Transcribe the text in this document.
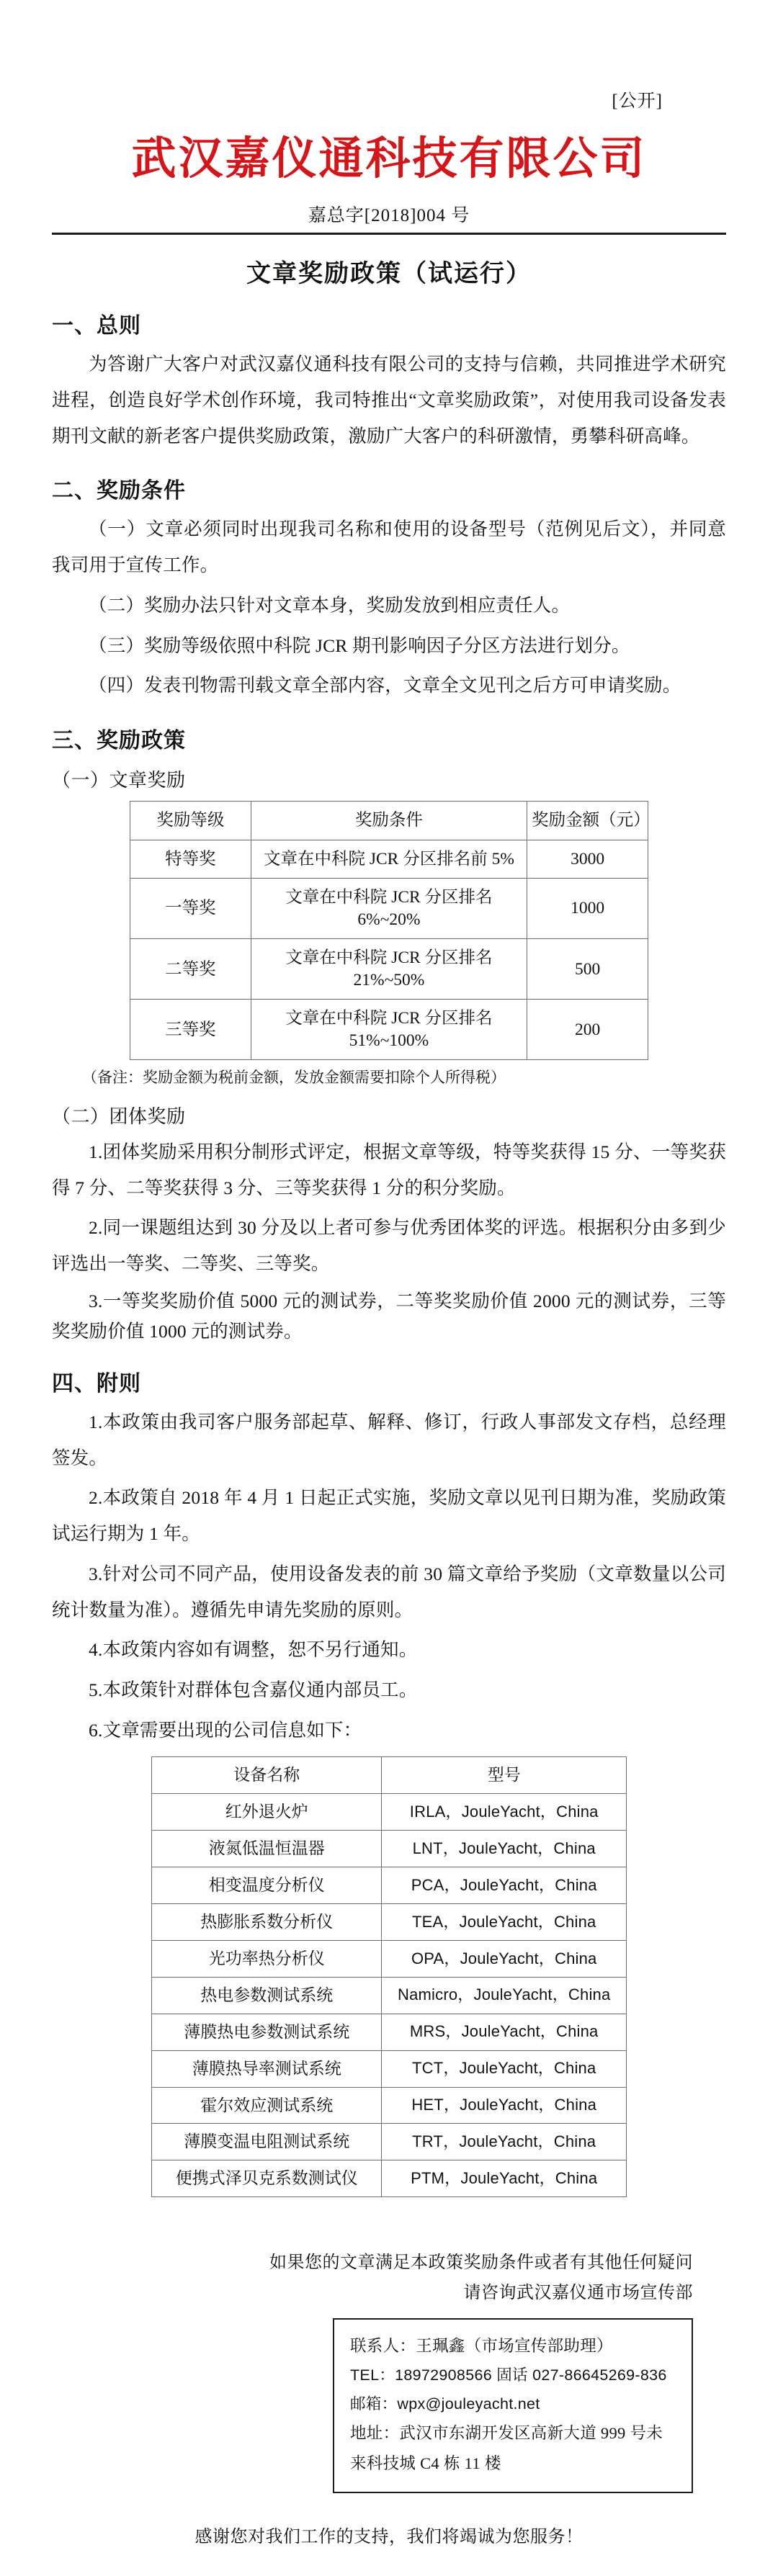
[公开]
武汉嘉仪通科技有限公司
嘉总字[2018]004 号
文章奖励政策（试运行）
一、总则

为答谢广大客户对武汉嘉仪通科技有限公司的支持与信赖，共同推进学术研究进程，创造良好学术创作环境，我司特推出“文章奖励政策”，对使用我司设备发表期刊文献的新老客户提供奖励政策，激励广大客户的科研激情，勇攀科研高峰。

二、奖励条件

（一）文章必须同时出现我司名称和使用的设备型号（范例见后文），并同意我司用于宣传工作。

（二）奖励办法只针对文章本身，奖励发放到相应责任人。

（三）奖励等级依照中科院 JCR 期刊影响因子分区方法进行划分。

（四）发表刊物需刊载文章全部内容，文章全文见刊之后方可申请奖励。

三、奖励政策
（一）文章奖励
奖励等级	奖励条件	奖励金额（元）
特等奖	文章在中科院 JCR 分区排名前 5%	3000
一等奖	文章在中科院 JCR 分区排名 6%~20%	1000
二等奖	文章在中科院 JCR 分区排名 21%~50%	500
三等奖	文章在中科院 JCR 分区排名 51%~100%	200

（备注：奖励金额为税前金额，发放金额需要扣除个人所得税）

（二）团体奖励

1.团体奖励采用积分制形式评定，根据文章等级，特等奖获得 15 分、一等奖获得 7 分、二等奖获得 3 分、三等奖获得 1 分的积分奖励。

2.同一课题组达到 30 分及以上者可参与优秀团体奖的评选。根据积分由多到少评选出一等奖、二等奖、三等奖。

3.一等奖奖励价值 5000 元的测试券，二等奖奖励价值 2000 元的测试券，三等奖奖励价值 1000 元的测试券。

四、附则

1.本政策由我司客户服务部起草、解释、修订，行政人事部发文存档，总经理签发。

2.本政策自 2018 年 4 月 1 日起正式实施，奖励文章以见刊日期为准，奖励政策试运行期为 1 年。

3.针对公司不同产品，使用设备发表的前 30 篇文章给予奖励（文章数量以公司统计数量为准）。遵循先申请先奖励的原则。

4.本政策内容如有调整，恕不另行通知。

5.本政策针对群体包含嘉仪通内部员工。

6.文章需要出现的公司信息如下：

设备名称	型号
红外退火炉	IRLA，JouleYacht，China
液氮低温恒温器	LNT，JouleYacht，China
相变温度分析仪	PCA，JouleYacht，China
热膨胀系数分析仪	TEA，JouleYacht，China
光功率热分析仪	OPA，JouleYacht，China
热电参数测试系统	Namicro，JouleYacht，China
薄膜热电参数测试系统	MRS，JouleYacht，China
薄膜热导率测试系统	TCT，JouleYacht，China
霍尔效应测试系统	HET，JouleYacht，China
薄膜变温电阻测试系统	TRT，JouleYacht，China
便携式泽贝克系数测试仪	PTM，JouleYacht，China
如果您的文章满足本政策奖励条件或者有其他任何疑问
请咨询武汉嘉仪通市场宣传部
联系人：王珮鑫（市场宣传部助理）
TEL：18972908566 固话 027-86645269-836
邮箱：wpx@jouleyacht.net
地址：武汉市东湖开发区高新大道 999 号未来科技城 C4 栋 11 楼
感谢您对我们工作的支持，我们将竭诚为您服务！
